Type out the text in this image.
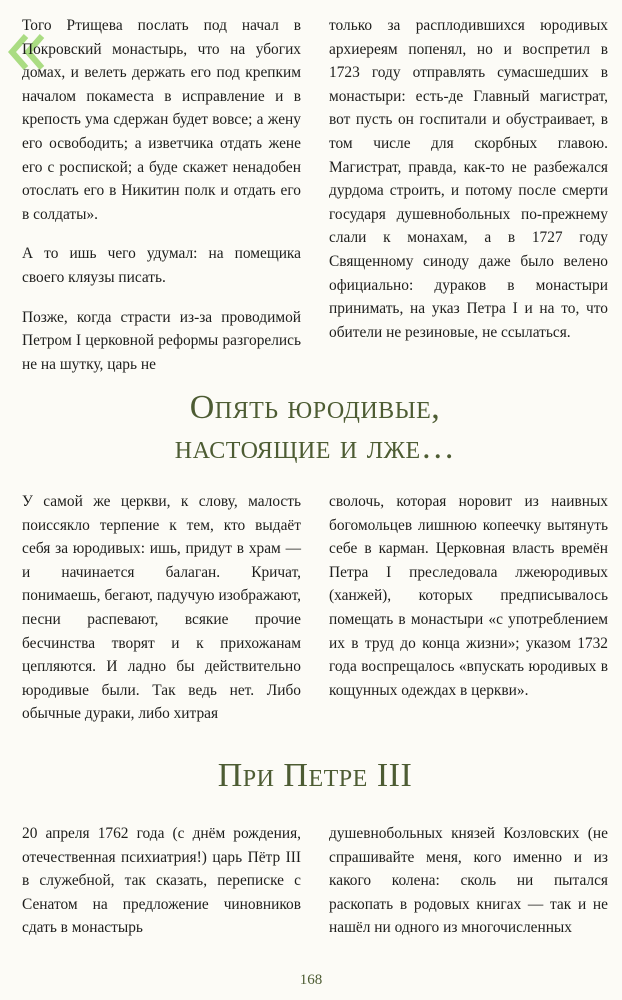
Того Ртищева послать под начал в Покровский монастырь, что на убогих домах, и велеть держать его под крепким началом покаместа в исправление и в крепость ума сдержан будет вовсе; а жену его освободить; а изветчика отдать жене его с роспиской; а буде скажет ненадобен отослать его в Никитин полк и отдать его в солдаты».

А то ишь чего удумал: на помещика своего кляузы писать.

Позже, когда страсти из-за проводимой Петром I церковной реформы разгорелись не на шутку, царь не

только за расплодившихся юродивых архиереям попенял, но и воспретил в 1723 году отправлять сумасшедших в монастыри: есть-де Главный магистрат, вот пусть он госпитали и обустраивает, в том числе для скорбных главою. Магистрат, правда, как-то не разбежался дурдома строить, и потому после смерти государя душевнобольных по-прежнему слали к монахам, а в 1727 году Священному синоду даже было велено официально: дураков в монастыри принимать, на указ Петра I и на то, что обители не резиновые, не ссылаться.

Опять юродивые,
настоящие и лже…

У самой же церкви, к слову, малость поиссякло терпение к тем, кто выдаёт себя за юродивых: ишь, придут в храм — и начинается балаган. Кричат, понимаешь, бегают, падучую изображают, песни распевают, всякие прочие бесчинства творят и к прихожанам цепляются. И ладно бы действительно юродивые были. Так ведь нет. Либо обычные дураки, либо хитрая

сволочь, которая норовит из наивных богомольцев лишнюю копеечку вытянуть себе в карман. Церковная власть времён Петра I преследовала лжеюродивых (ханжей), которых предписывалось помещать в монастыри «с употреблением их в труд до конца жизни»; указом 1732 года воспрещалось «впускать юродивых в кощунных одеждах в церкви».

При Петре III

20 апреля 1762 года (с днём рождения, отечественная психиатрия!) царь Пётр III в служебной, так сказать, переписке с Сенатом на предложение чиновников сдать в монастырь

душевнобольных князей Козловских (не спрашивайте меня, кого именно и из какого колена: сколь ни пытался раскопать в родовых книгах — так и не нашёл ни одного из многочисленных

168
